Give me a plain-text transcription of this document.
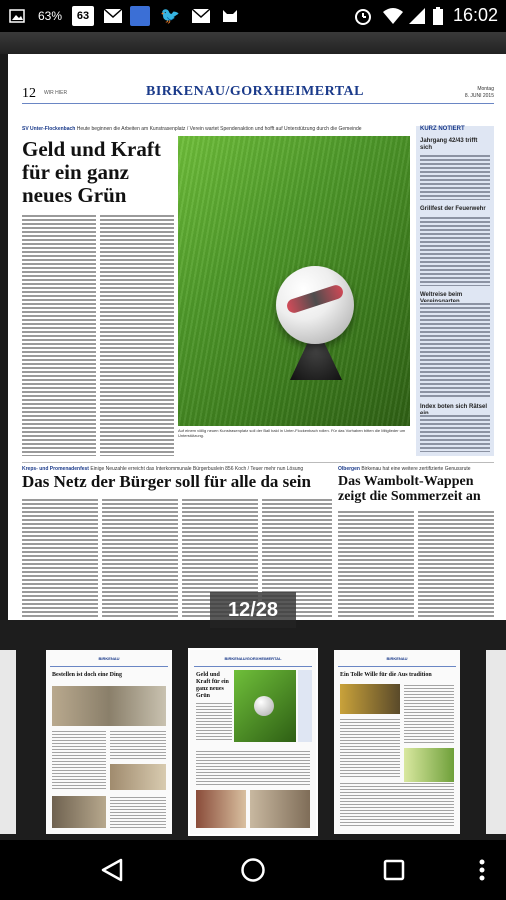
63% 63	🐦	16:02
12 WIR HIER	BIRKENAU/GORXHEIMERTAL	Montag
8. JUNI 2015
SV Unter-Flockenbach Heute beginnen die Arbeiten am Kunstrasenplatz / Verein wartet Spendenaktion und hofft auf Unterstützung durch die Gemeinde
Geld und Kraft für ein ganz neues Grün
Auf einem völlig neuen Kunstrasenplatz soll der Ball bald in Unter-Flockenbach rollen. Für das Vorhaben bitten die Mitglieder um Unterstützung.
KURZ NOTIERT
Jahrgang 42/43 trifft sich
Grillfest der Feuerwehr
Weltreise beim
Index boten sich Rätsel
Kreps- und Promenadenfest Einige Neuzahle erreicht das Interkommunale Bürgerbuslein 856 Koch / Teuer mehr nun Lösung
Das Netz der Bürger soll für alle da sein
Ölbergen Birkenau hat eine weitere zertifizierte Genussrute
Das Wambolt-Wappen zeigt die Sommerzeit an
12/28
BIRKENAU
Bestellen ist doch eine Ding
BIRKENAU/GORXHEIMERTAL
Geld und Kraft für ein ganz neues Grün
BIRKENAU
Ein Tolle Wille für die Aus tradition
